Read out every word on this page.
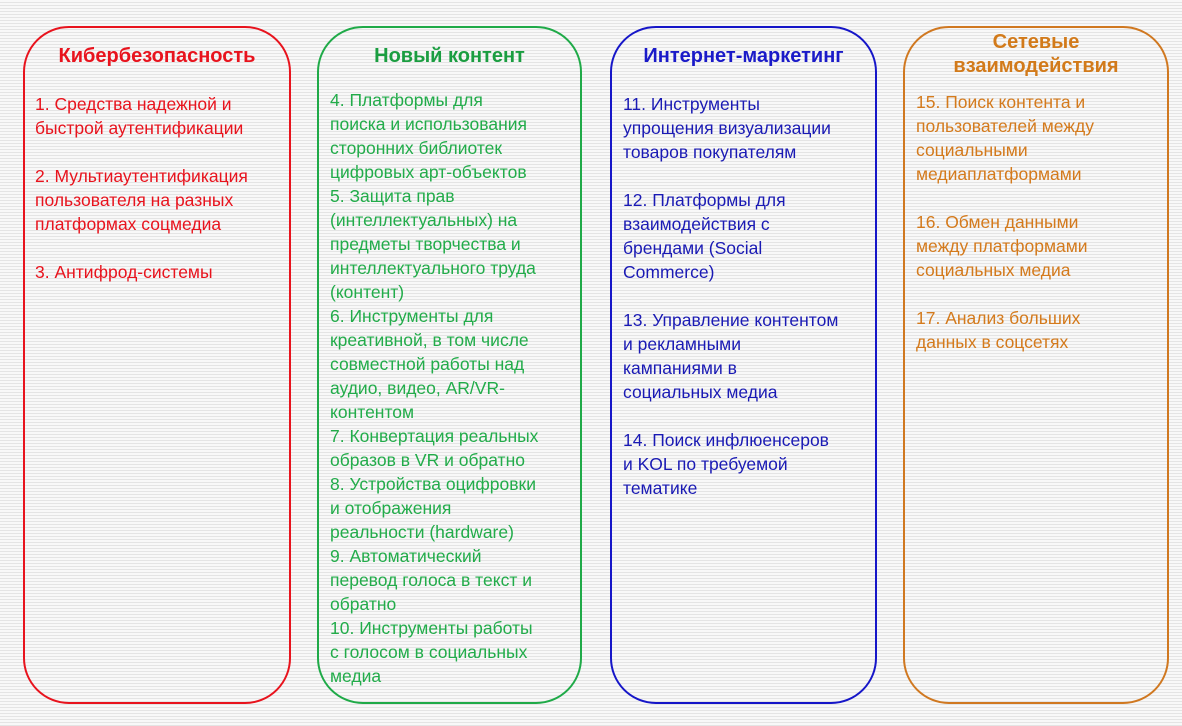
Кибербезопасность
1. Средства надежной и
быстрой аутентификации
2. Мультиаутентификация
пользователя на разных
платформах соцмедиа
3. Антифрод-системы
Новый контент
4. Платформы для
поиска и использования
сторонних библиотек
цифровых арт-объектов
5. Защита прав
(интеллектуальных) на
предметы творчества и
интеллектуального труда
(контент)
6. Инструменты для
креативной, в том числе
совместной работы над
аудио, видео, AR/VR-
контентом
7. Конвертация реальных
образов в VR и обратно
8. Устройства оцифровки
и отображения
реальности (hardware)
9. Автоматический
перевод голоса в текст и
обратно
10. Инструменты работы
с голосом в социальных
медиа
Интернет-маркетинг
11. Инструменты
упрощения визуализации
товаров покупателям
12. Платформы для
взаимодействия с
брендами (Social
Commerce)
13. Управление контентом
и рекламными
кампаниями в
социальных медиа
14. Поиск инфлюенсеров
и KOL по требуемой
тематике
Сетевые
взаимодействия
15. Поиск контента и
пользователей между
социальными
медиаплатформами
16. Обмен данными
между платформами
социальных медиа
17. Анализ больших
данных в соцсетях
